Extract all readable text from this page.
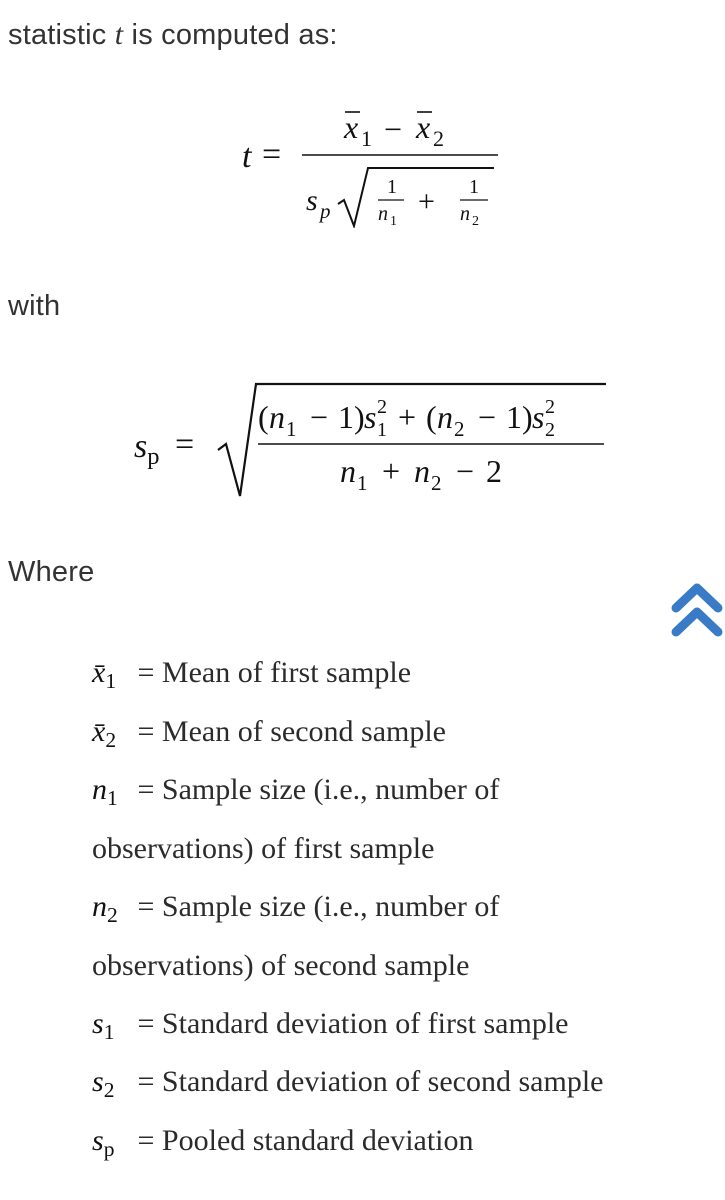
statistic t is computed as:
t =
x 1 − x 2
s p
1
n 1
+ 1
n 2
with
$s_p$ =
( n 1 − 1) s 2
1 + ( n 2 − 1) s 2
2
n 1 + n 2 − 2
Where
$x̄_1$ = Mean of first sample
$x̄_2$ = Mean of second sample
$n_1$ = Sample size (i.e., number of
observations) of first sample
$n_2$ = Sample size (i.e., number of
observations) of second sample
$s_1$ = Standard deviation of first sample
$s_2$ = Standard deviation of second sample
$s_p$ = Pooled standard deviation
